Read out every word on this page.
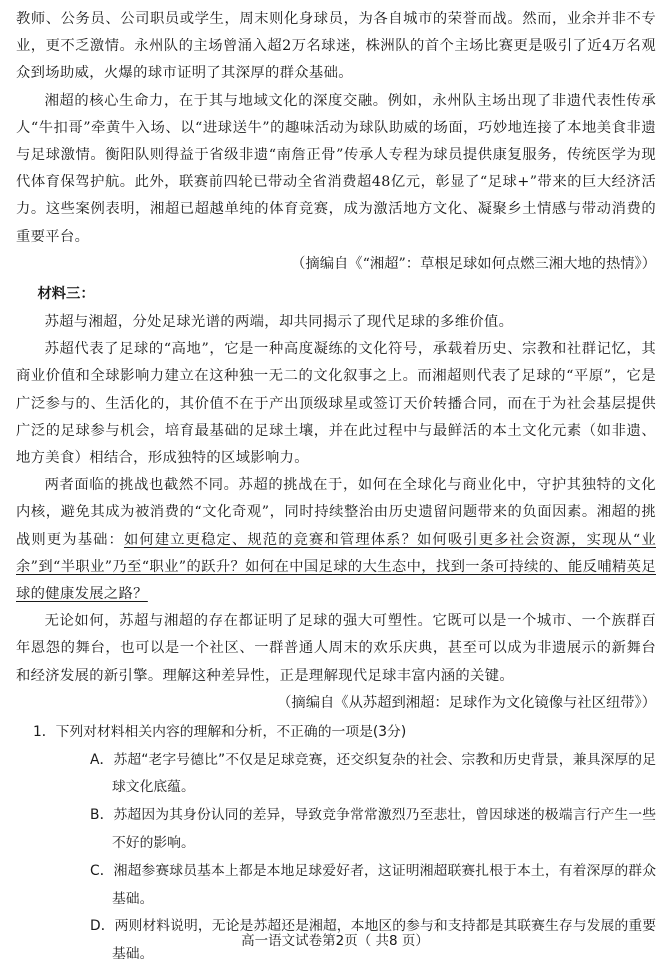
教师、公务员、公司职员或学生，周末则化身球员，为各自城市的荣誉而战。然而，业余并非不专业，更不乏激情。永州队的主场曾涌入超2万名球迷，株洲队的首个主场比赛更是吸引了近4万名观众到场助威，火爆的球市证明了其深厚的群众基础。

湘超的核心生命力，在于其与地域文化的深度交融。例如，永州队主场出现了非遗代表性传承人“牛扣哥”牵黄牛入场、以“进球送牛”的趣味活动为球队助威的场面，巧妙地连接了本地美食非遗与足球激情。衡阳队则得益于省级非遗“南詹正骨”传承人专程为球员提供康复服务，传统医学为现代体育保驾护航。此外，联赛前四轮已带动全省消费超48亿元，彰显了“足球+”带来的巨大经济活力。这些案例表明，湘超已超越单纯的体育竞赛，成为激活地方文化、凝聚乡土情感与带动消费的重要平台。

（摘编自《“湘超”：草根足球如何点燃三湘大地的热情》）

材料三：

苏超与湘超，分处足球光谱的两端，却共同揭示了现代足球的多维价值。

苏超代表了足球的“高地”，它是一种高度凝练的文化符号，承载着历史、宗教和社群记忆，其商业价值和全球影响力建立在这种独一无二的文化叙事之上。而湘超则代表了足球的“平原”，它是广泛参与的、生活化的，其价值不在于产出顶级球星或签订天价转播合同，而在于为社会基层提供广泛的足球参与机会，培育最基础的足球土壤，并在此过程中与最鲜活的本土文化元素（如非遗、地方美食）相结合，形成独特的区域影响力。

两者面临的挑战也截然不同。苏超的挑战在于，如何在全球化与商业化中，守护其独特的文化内核，避免其成为被消费的“文化奇观”，同时持续整治由历史遗留问题带来的负面因素。湘超的挑战则更为基础：如何建立更稳定、规范的竞赛和管理体系？如何吸引更多社会资源，实现从“业余”到“半职业”乃至“职业”的跃升？如何在中国足球的大生态中，找到一条可持续的、能反哺精英足球的健康发展之路？

无论如何，苏超与湘超的存在都证明了足球的强大可塑性。它既可以是一个城市、一个族群百年恩怨的舞台，也可以是一个社区、一群普通人周末的欢乐庆典，甚至可以成为非遗展示的新舞台和经济发展的新引擎。理解这种差异性，正是理解现代足球丰富内涵的关键。

（摘编自《从苏超到湘超：足球作为文化镜像与社区纽带》）

1．下列对材料相关内容的理解和分析，不正确的一项是(3分)

A．苏超“老字号德比”不仅是足球竞赛，还交织复杂的社会、宗教和历史背景，兼具深厚的足球文化底蕴。

B．苏超因为其身份认同的差异，导致竞争常常激烈乃至悲壮，曾因球迷的极端言行产生一些不好的影响。

C．湘超参赛球员基本上都是本地足球爱好者，这证明湘超联赛扎根于本土，有着深厚的群众基础。

D．两则材料说明，无论是苏超还是湘超，本地区的参与和支持都是其联赛生存与发展的重要基础。

高一语文试卷第2页（ 共8 页）
